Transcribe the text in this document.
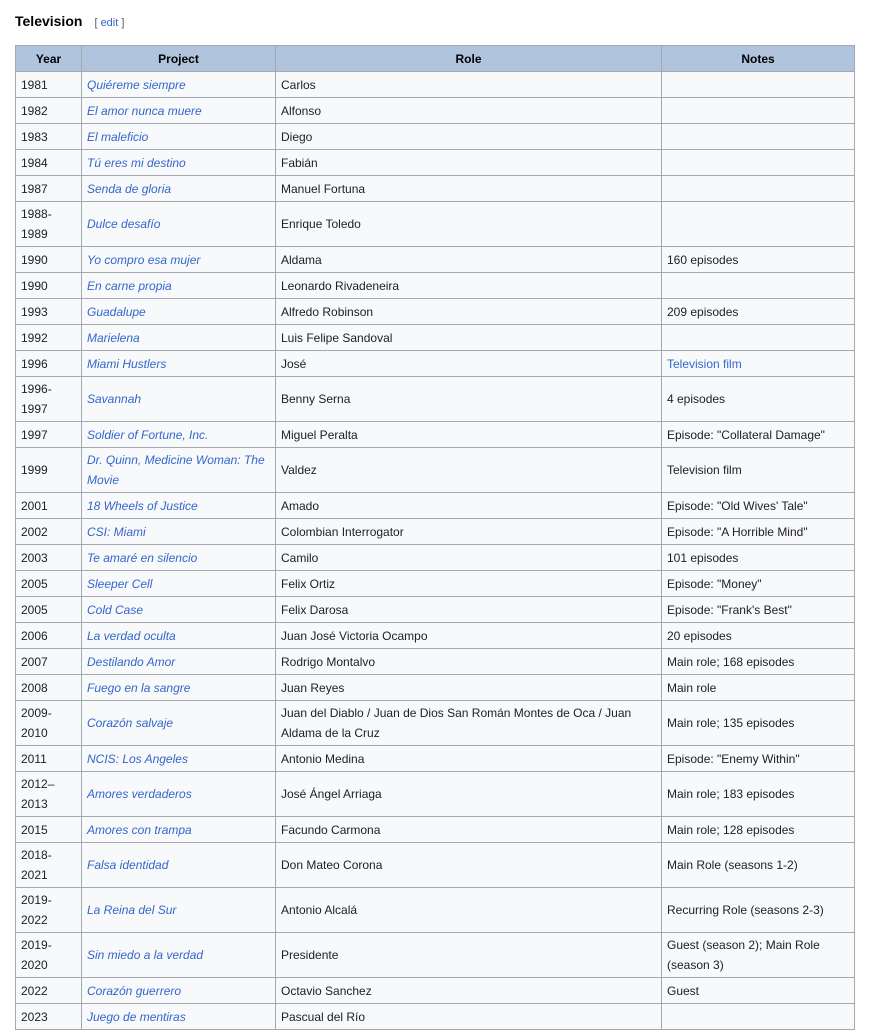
Television [ edit ]
Year	Project	Role	Notes
1981	Quiéreme siempre	Carlos	
1982	El amor nunca muere	Alfonso	
1983	El maleficio	Diego	
1984	Tú eres mi destino	Fabián	
1987	Senda de gloria	Manuel Fortuna	
1988-1989	Dulce desafío	Enrique Toledo	
1990	Yo compro esa mujer	Aldama	160 episodes
1990	En carne propia	Leonardo Rivadeneira	
1993	Guadalupe	Alfredo Robinson	209 episodes
1992	Marielena	Luis Felipe Sandoval	
1996	Miami Hustlers	José	Television film
1996-1997	Savannah	Benny Serna	4 episodes
1997	Soldier of Fortune, Inc.	Miguel Peralta	Episode: "Collateral Damage"
1999	Dr. Quinn, Medicine Woman: The Movie	Valdez	Television film
2001	18 Wheels of Justice	Amado	Episode: "Old Wives' Tale"
2002	CSI: Miami	Colombian Interrogator	Episode: "A Horrible Mind"
2003	Te amaré en silencio	Camilo	101 episodes
2005	Sleeper Cell	Felix Ortiz	Episode: "Money"
2005	Cold Case	Felix Darosa	Episode: "Frank's Best"
2006	La verdad oculta	Juan José Victoria Ocampo	20 episodes
2007	Destilando Amor	Rodrigo Montalvo	Main role; 168 episodes
2008	Fuego en la sangre	Juan Reyes	Main role
2009-2010	Corazón salvaje	Juan del Diablo / Juan de Dios San Román Montes de Oca / Juan Aldama de la Cruz	Main role; 135 episodes
2011	NCIS: Los Angeles	Antonio Medina	Episode: "Enemy Within"
2012–2013	Amores verdaderos	José Ángel Arriaga	Main role; 183 episodes
2015	Amores con trampa	Facundo Carmona	Main role; 128 episodes
2018-2021	Falsa identidad	Don Mateo Corona	Main Role (seasons 1-2)
2019-2022	La Reina del Sur	Antonio Alcalá	Recurring Role (seasons 2-3)
2019-2020	Sin miedo a la verdad	Presidente	Guest (season 2); Main Role (season 3)
2022	Corazón guerrero	Octavio Sanchez	Guest
2023	Juego de mentiras	Pascual del Río	
